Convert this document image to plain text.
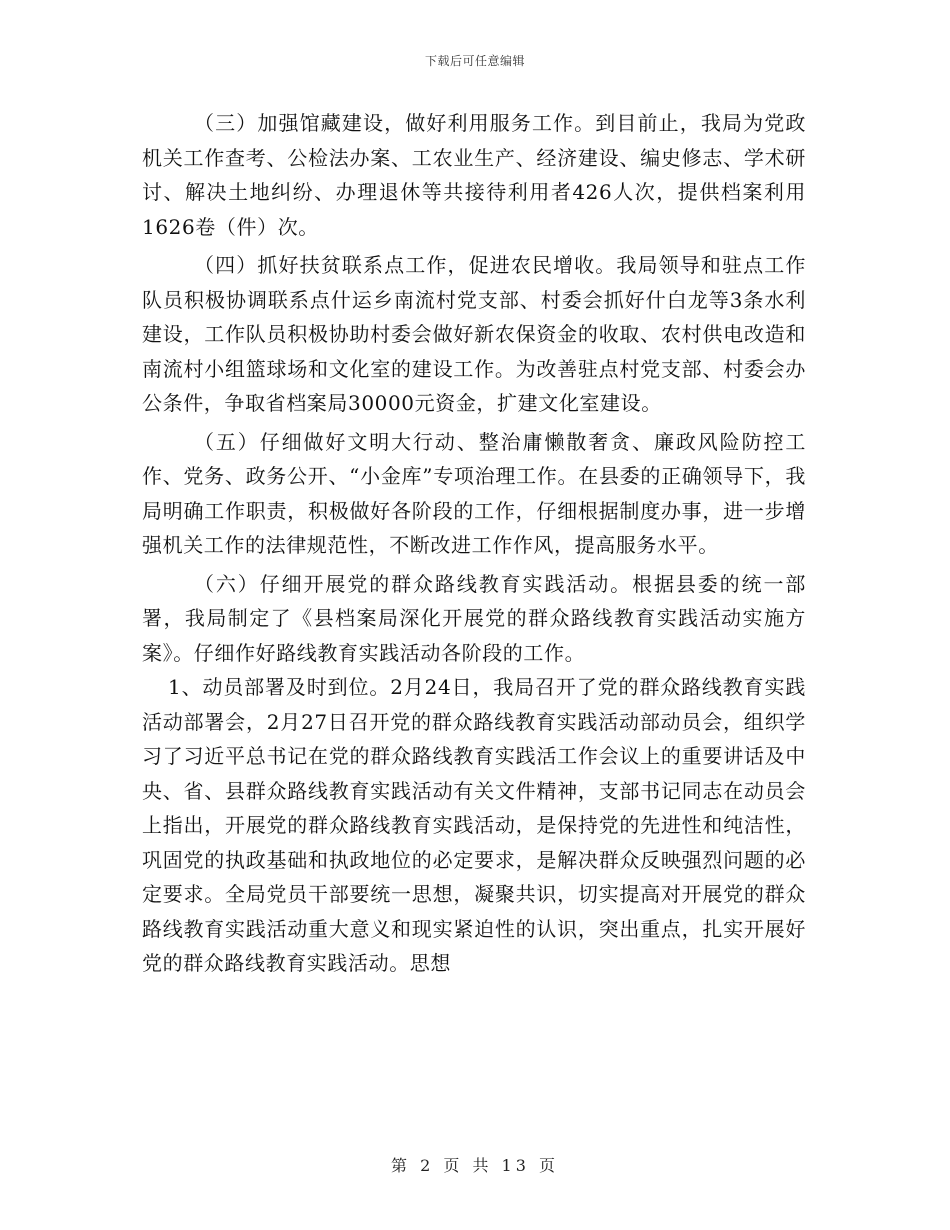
下载后可任意编辑

（三）加强馆藏建设，做好利用服务工作。到目前止，我局为党政机关工作查考、公检法办案、工农业生产、经济建设、编史修志、学术研讨、解决土地纠纷、办理退休等共接待利用者426人次，提供档案利用1626卷（件）次。

（四）抓好扶贫联系点工作，促进农民增收。我局领导和驻点工作队员积极协调联系点什运乡南流村党支部、村委会抓好什白龙等3条水利建设，工作队员积极协助村委会做好新农保资金的收取、农村供电改造和南流村小组篮球场和文化室的建设工作。为改善驻点村党支部、村委会办公条件，争取省档案局30000元资金，扩建文化室建设。

（五）仔细做好文明大行动、整治庸懒散奢贪、廉政风险防控工作、党务、政务公开、“小金库”专项治理工作。在县委的正确领导下，我局明确工作职责，积极做好各阶段的工作，仔细根据制度办事，进一步增强机关工作的法律规范性，不断改进工作作风，提高服务水平。

（六）仔细开展党的群众路线教育实践活动。根据县委的统一部署，我局制定了《县档案局深化开展党的群众路线教育实践活动实施方案》。仔细作好路线教育实践活动各阶段的工作。

1、动员部署及时到位。2月24日，我局召开了党的群众路线教育实践活动部署会，2月27日召开党的群众路线教育实践活动部动员会，组织学习了习近平总书记在党的群众路线教育实践活工作会议上的重要讲话及中央、省、县群众路线教育实践活动有关文件精神，支部书记同志在动员会上指出，开展党的群众路线教育实践活动，是保持党的先进性和纯洁性，巩固党的执政基础和执政地位的必定要求，是解决群众反映强烈问题的必定要求。全局党员干部要统一思想，凝聚共识，切实提高对开展党的群众路线教育实践活动重大意义和现实紧迫性的认识，突出重点，扎实开展好党的群众路线教育实践活动。思想

第 2 页 共 13 页
